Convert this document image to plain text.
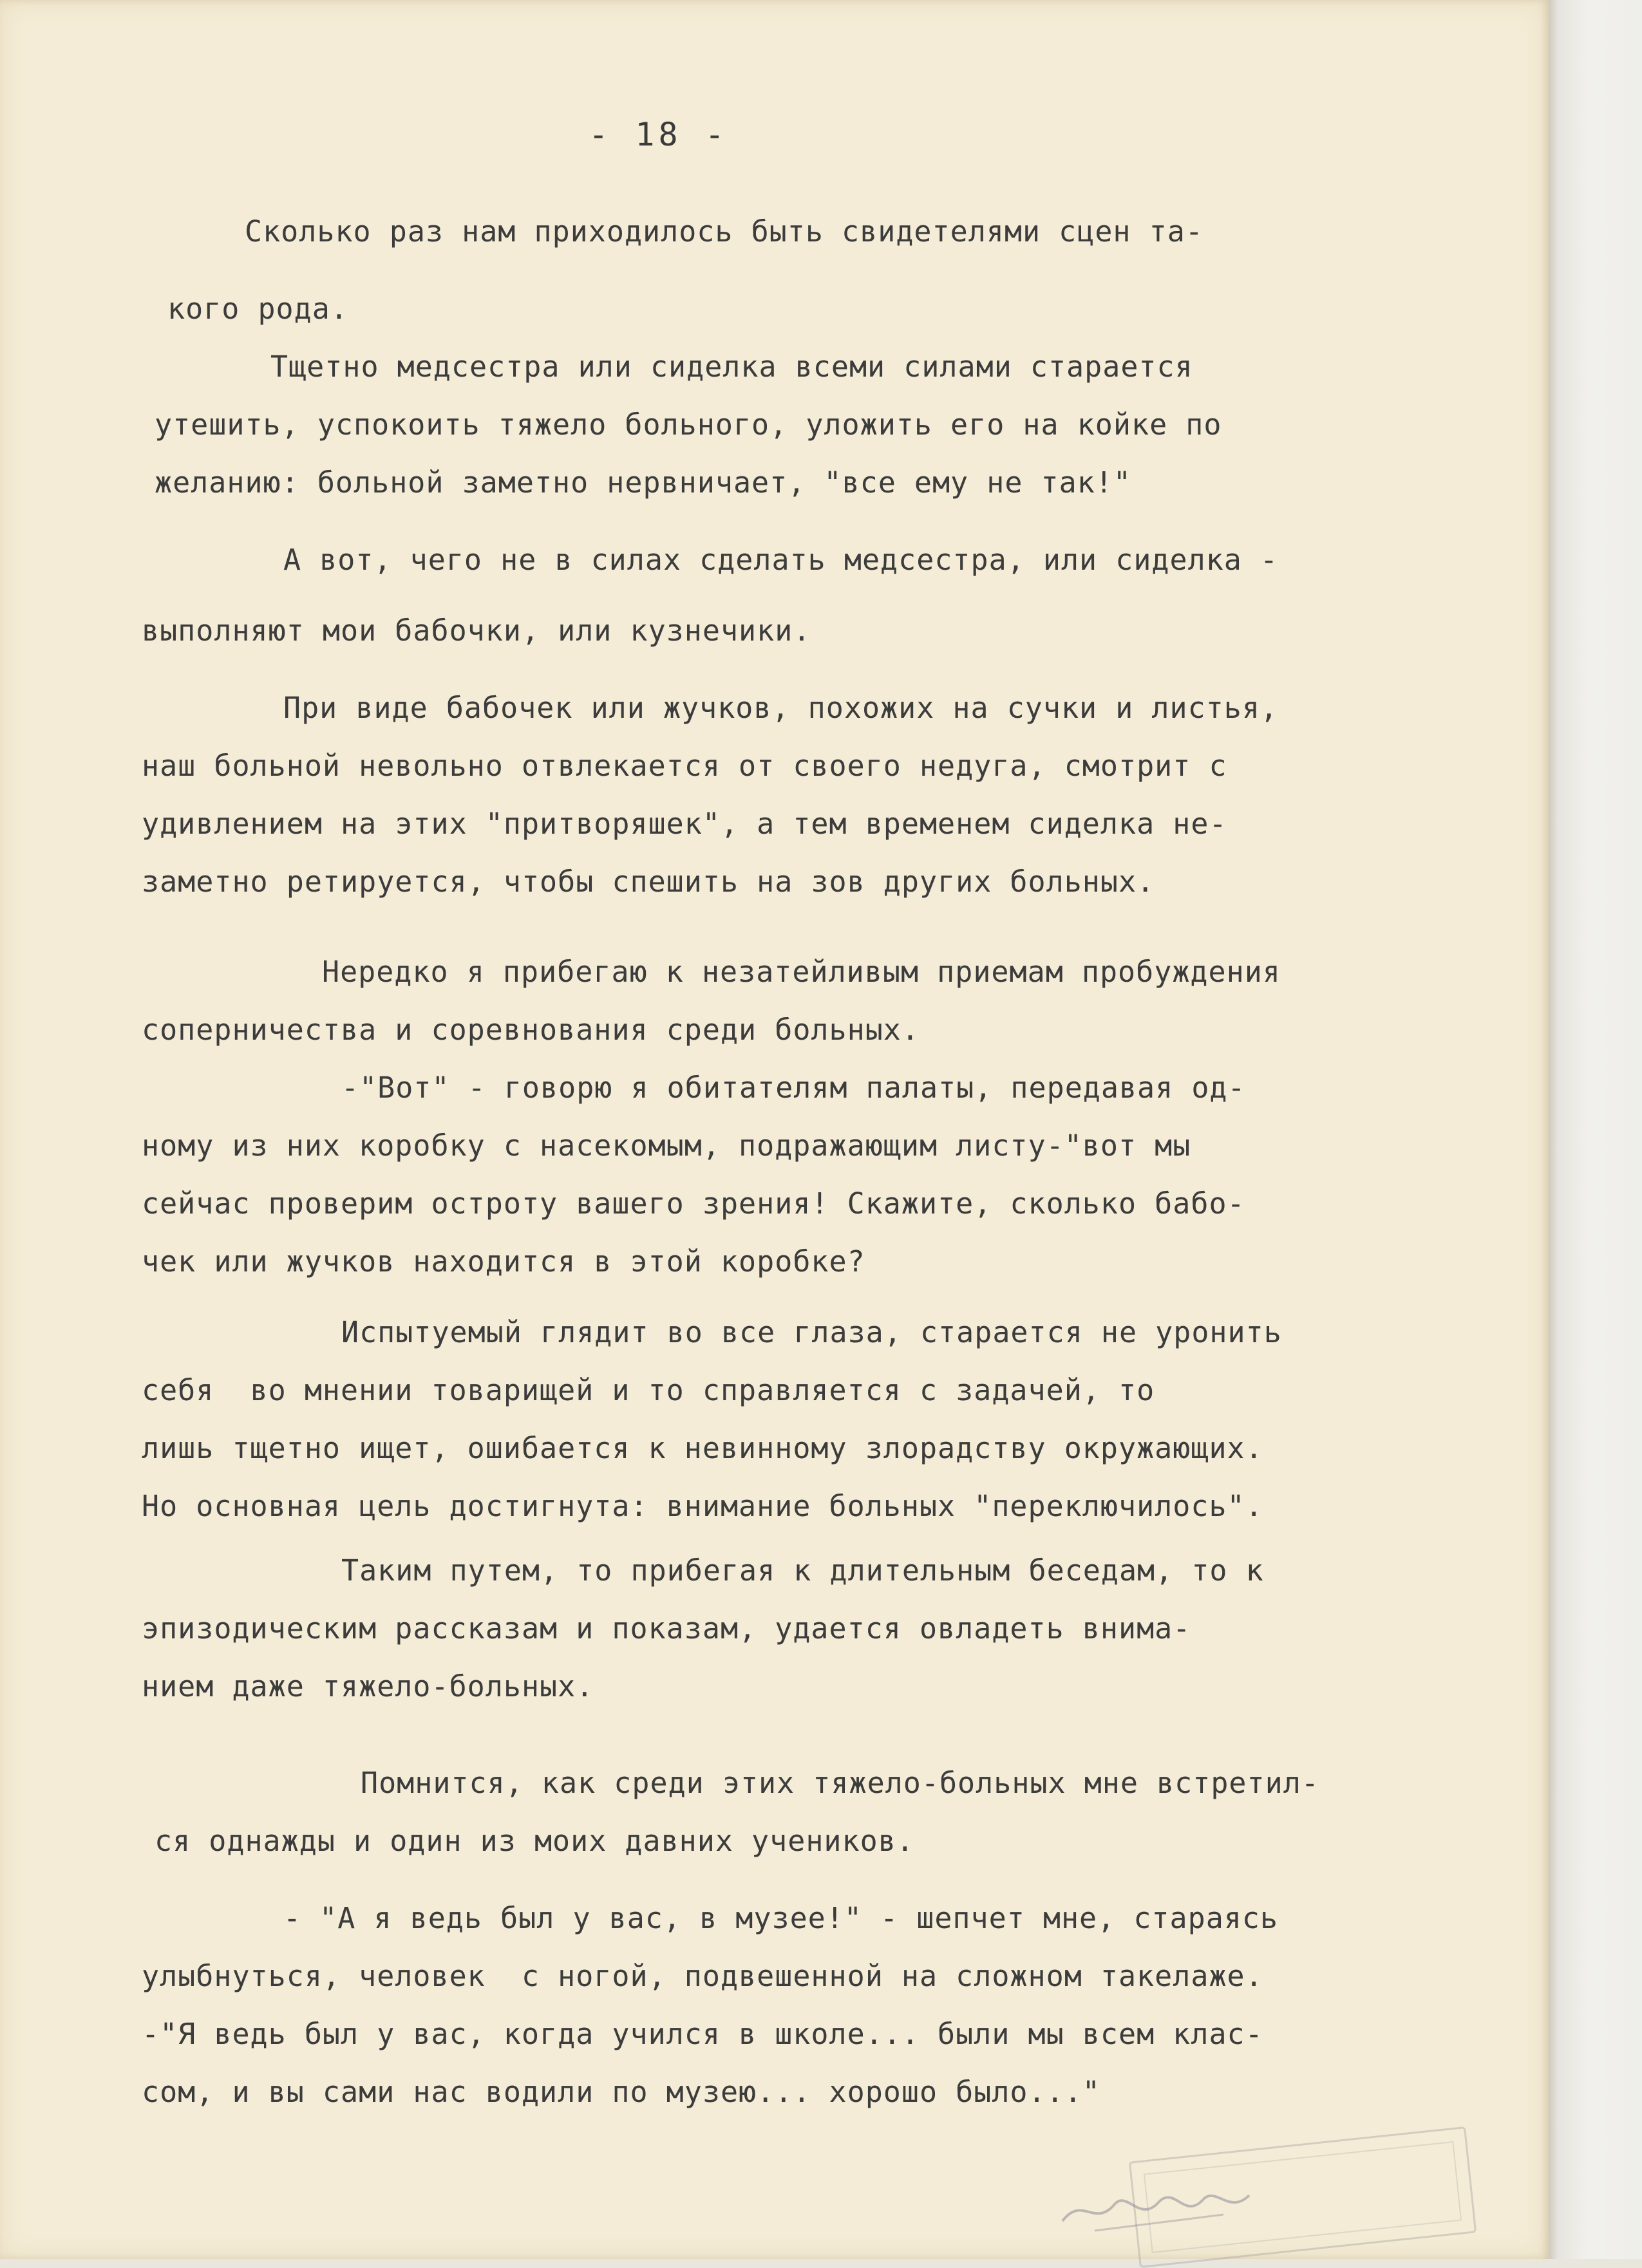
- 18 -
Сколько раз нам приходилось быть свидетелями сцен та-
кого рода.
Тщетно медсестра или сиделка всеми силами старается
утешить, успокоить тяжело больного, уложить его на койке по
желанию: больной заметно нервничает, "все ему не так!"
А вот, чего не в силах сделать медсестра, или сиделка -
выполняют мои бабочки, или кузнечики.
При виде бабочек или жучков, похожих на сучки и листья,
наш больной невольно отвлекается от своего недуга, смотрит с
удивлением на этих "притворяшек", а тем временем сиделка не-
заметно ретируется, чтобы спешить на зов других больных.
Нередко я прибегаю к незатейливым приемам пробуждения
соперничества и соревнования среди больных.
-"Вот" - говорю я обитателям палаты, передавая од-
ному из них коробку с насекомым, подражающим листу-"вот мы
сейчас проверим остроту вашего зрения! Скажите, сколько бабо-
чек или жучков находится в этой коробке?
Испытуемый глядит во все глаза, старается не уронить
себя  во мнении товарищей и то справляется с задачей, то
лишь тщетно ищет, ошибается к невинному злорадству окружающих.
Но основная цель достигнута: внимание больных "переключилось".
Таким путем, то прибегая к длительным беседам, то к
эпизодическим рассказам и показам, удается овладеть внима-
нием даже тяжело-больных.
Помнится, как среди этих тяжело-больных мне встретил-
ся однажды и один из моих давних учеников.
- "А я ведь был у вас, в музее!" - шепчет мне, стараясь
улыбнуться, человек  с ногой, подвешенной на сложном такелаже.
-"Я ведь был у вас, когда учился в школе... были мы всем клас-
сом, и вы сами нас водили по музею... хорошо было..."
